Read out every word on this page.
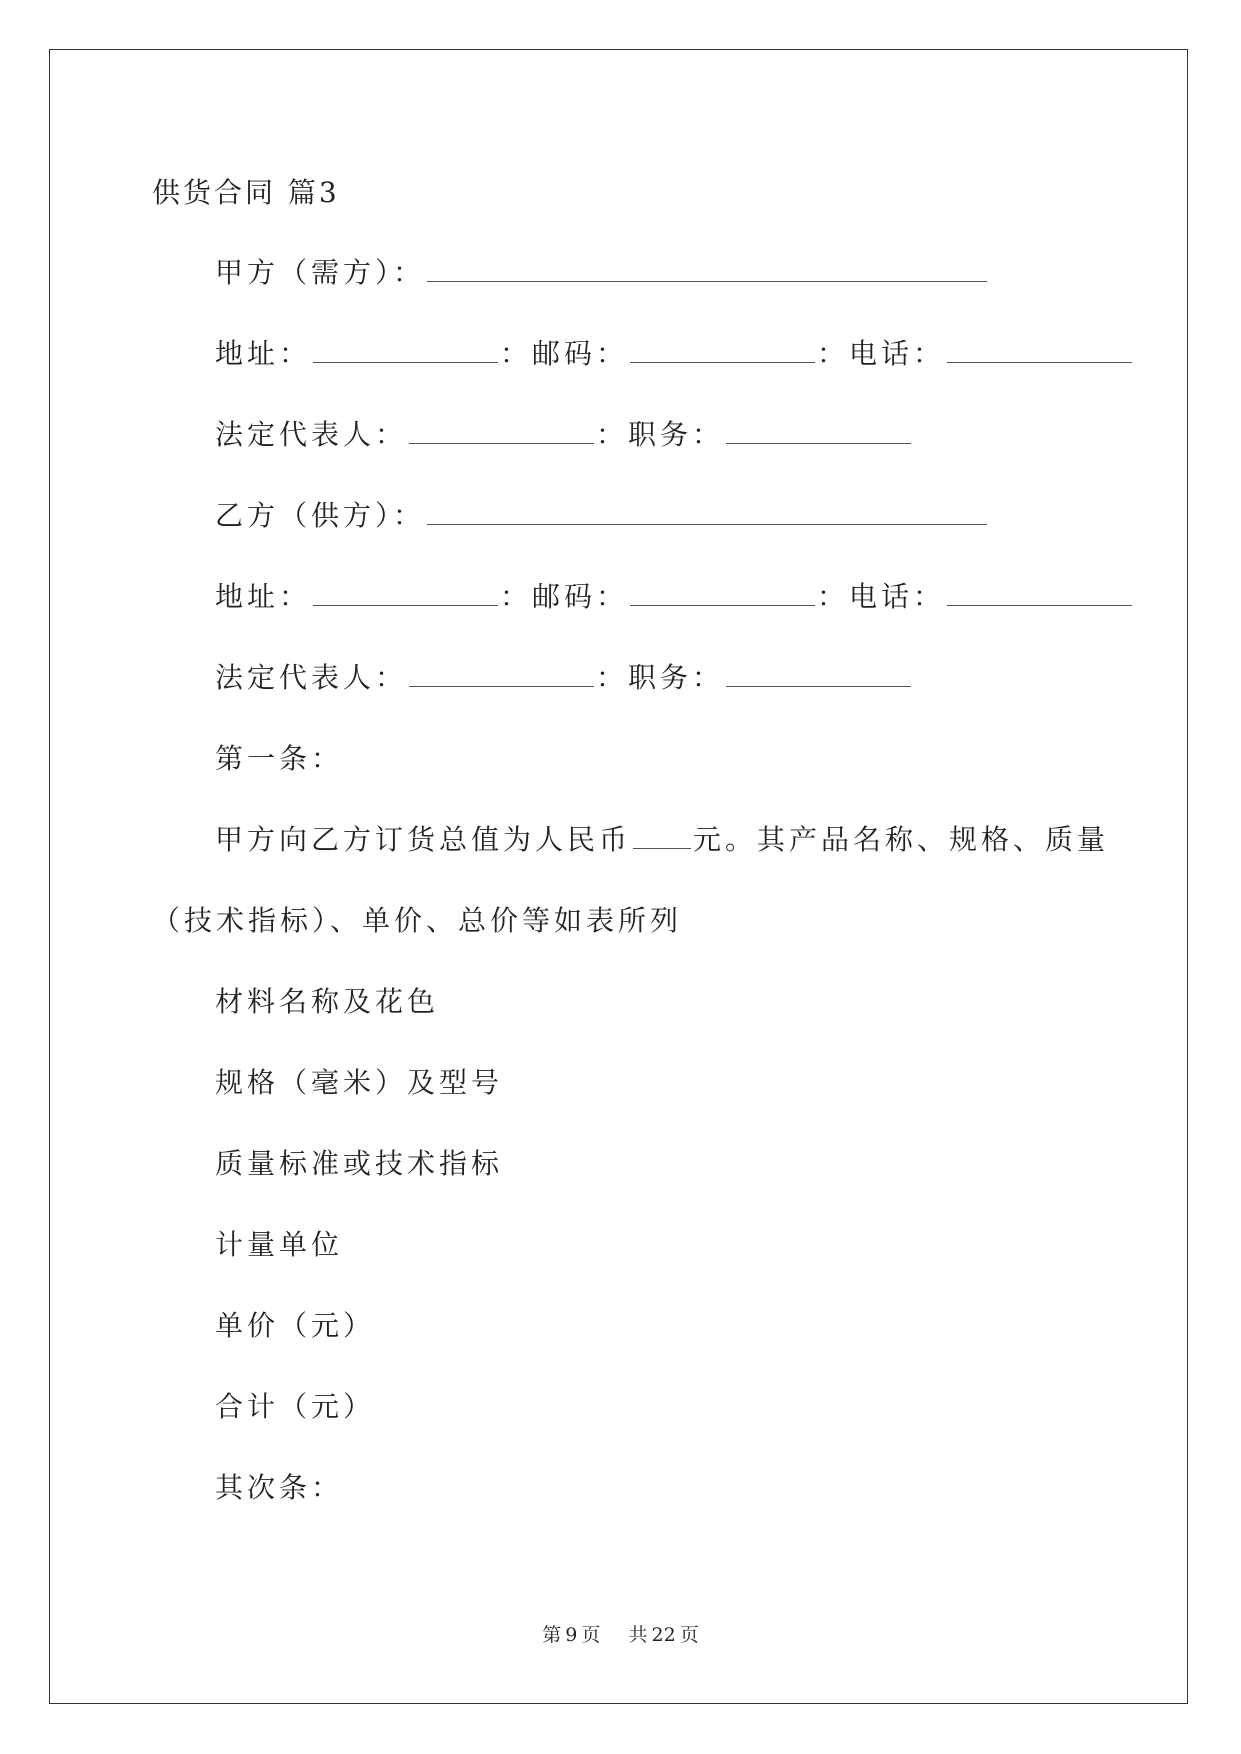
供货合同 篇3
甲方（需方）：
地址：	：邮码：	：电话：
法定代表人：	：职务：
乙方（供方）：
地址：	：邮码：	：电话：
法定代表人：	：职务：
第一条：
甲方向乙方订货总值为人民币 元。其产品名称、规格、质量
（技术指标）、单价、总价等如表所列
材料名称及花色
规格（毫米）及型号
质量标准或技术指标
计量单位
单价（元）
合计（元）
其次条：
第 9 页 共 22 页
